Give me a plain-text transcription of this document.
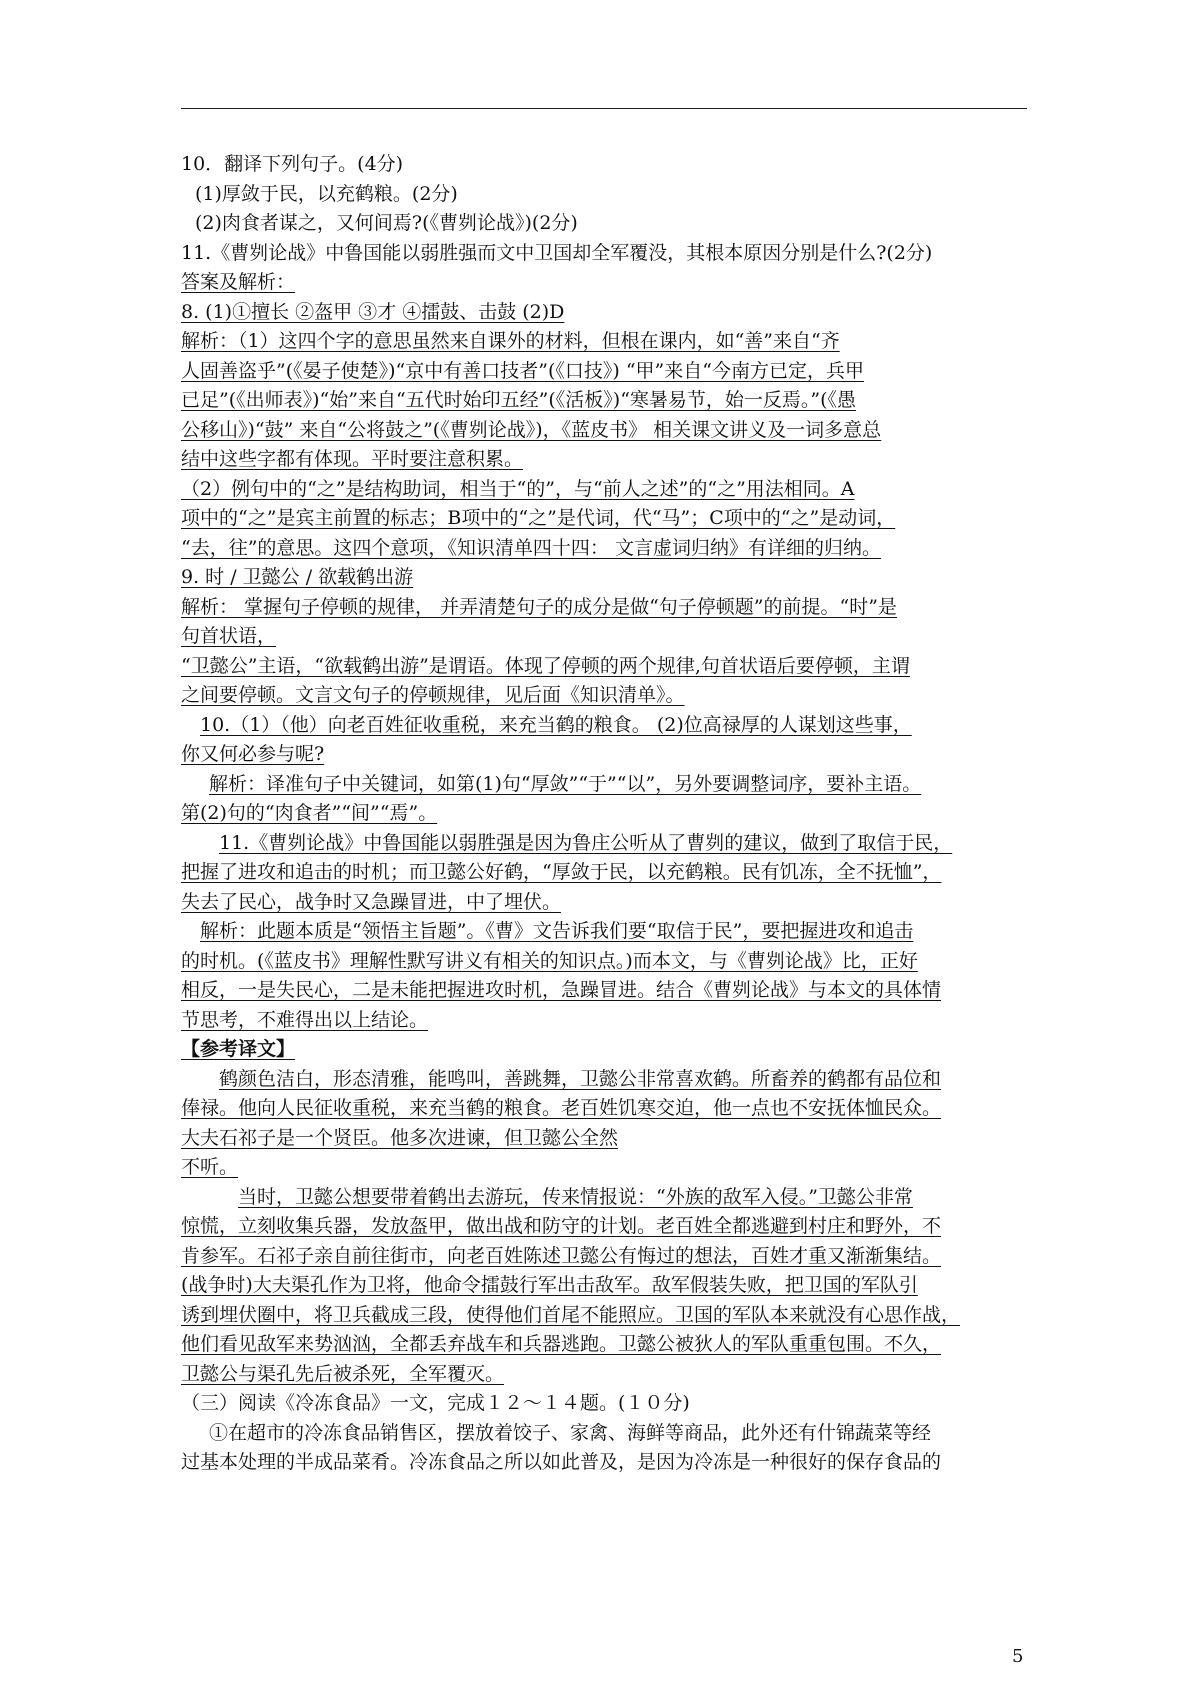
10．翻译下列句子。(4分)
(1)厚敛于民，以充鹤粮。(2分)
(2)肉食者谋之，又何间焉?(《曹刿论战》)(2分)
11.《曹刿论战》中鲁国能以弱胜强而文中卫国却全军覆没，其根本原因分别是什么?(2分)
答案及解析：
8. (1)①擅长 ②盔甲 ③才 ④擂鼓、击鼓 (2)D
解析：（1）这四个字的意思虽然来自课外的材料，但根在课内，如“善”来自“齐
人固善盗乎”(《晏子使楚》)“京中有善口技者”(《口技》) “甲”来自“今南方已定，兵甲
已足”(《出师表》)“始”来自“五代时始印五经”(《活板》)“寒暑易节，始一反焉。”(《愚
公移山》)“鼓” 来自“公将鼓之”(《曹刿论战》)，《蓝皮书》 相关课文讲义及一词多意总
结中这些字都有体现。平时要注意积累。
（2）例句中的“之”是结构助词，相当于“的”，与“前人之述”的“之”用法相同。A
项中的“之”是宾主前置的标志；B项中的“之”是代词，代“马”；C项中的“之”是动词，
“去，往”的意思。这四个意项，《知识清单四十四： 文言虚词归纳》有详细的归纳。
9. 时 / 卫懿公 / 欲载鹤出游
解析： 掌握句子停顿的规律， 并弄清楚句子的成分是做“句子停顿题”的前提。“时”是
句首状语，
“卫懿公”主语，“欲载鹤出游”是谓语。体现了停顿的两个规律,句首状语后要停顿，主谓
之间要停顿。文言文句子的停顿规律，见后面《知识清单》。
10.（1）（他）向老百姓征收重税，来充当鹤的粮食。 (2)位高禄厚的人谋划这些事，
你又何必参与呢?
解析：译准句子中关键词，如第(1)句“厚敛”“于”“以”，另外要调整词序，要补主语。
第(2)句的“肉食者”“间”“焉”。
11.《曹刿论战》中鲁国能以弱胜强是因为鲁庄公听从了曹刿的建议，做到了取信于民，
把握了进攻和追击的时机；而卫懿公好鹤，“厚敛于民，以充鹤粮。民有饥冻，全不抚恤”，
失去了民心，战争时又急躁冒进，中了埋伏。
解析：此题本质是“领悟主旨题”。《曹》文告诉我们要“取信于民”，要把握进攻和追击
的时机。(《蓝皮书》理解性默写讲义有相关的知识点。)而本文，与《曹刿论战》比，正好
相反，一是失民心，二是未能把握进攻时机，急躁冒进。结合《曹刿论战》与本文的具体情
节思考，不难得出以上结论。
【参考译文】
鹤颜色洁白，形态清雅，能鸣叫，善跳舞，卫懿公非常喜欢鹤。所畜养的鹤都有品位和
俸禄。他向人民征收重税，来充当鹤的粮食。老百姓饥寒交迫，他一点也不安抚体恤民众。
大夫石祁子是一个贤臣。他多次进谏，但卫懿公全然
不听。
当时，卫懿公想要带着鹤出去游玩，传来情报说：“外族的敌军入侵。”卫懿公非常
惊慌，立刻收集兵器，发放盔甲，做出战和防守的计划。老百姓全都逃避到村庄和野外，不
肯参军。石祁子亲自前往街市，向老百姓陈述卫懿公有悔过的想法，百姓才重又渐渐集结。
(战争时)大夫渠孔作为卫将，他命令擂鼓行军出击敌军。敌军假装失败，把卫国的军队引
诱到埋伏圈中，将卫兵截成三段，使得他们首尾不能照应。卫国的军队本来就没有心思作战，
他们看见敌军来势汹汹，全都丢弃战车和兵器逃跑。卫懿公被狄人的军队重重包围。不久，
卫懿公与渠孔先后被杀死，全军覆灭。
（三）阅读《冷冻食品》一文，完成１２～１４题。(１０分)
①在超市的冷冻食品销售区，摆放着饺子、家禽、海鲜等商品，此外还有什锦蔬菜等经
过基本处理的半成品菜肴。冷冻食品之所以如此普及，是因为冷冻是一种很好的保存食品的
5
